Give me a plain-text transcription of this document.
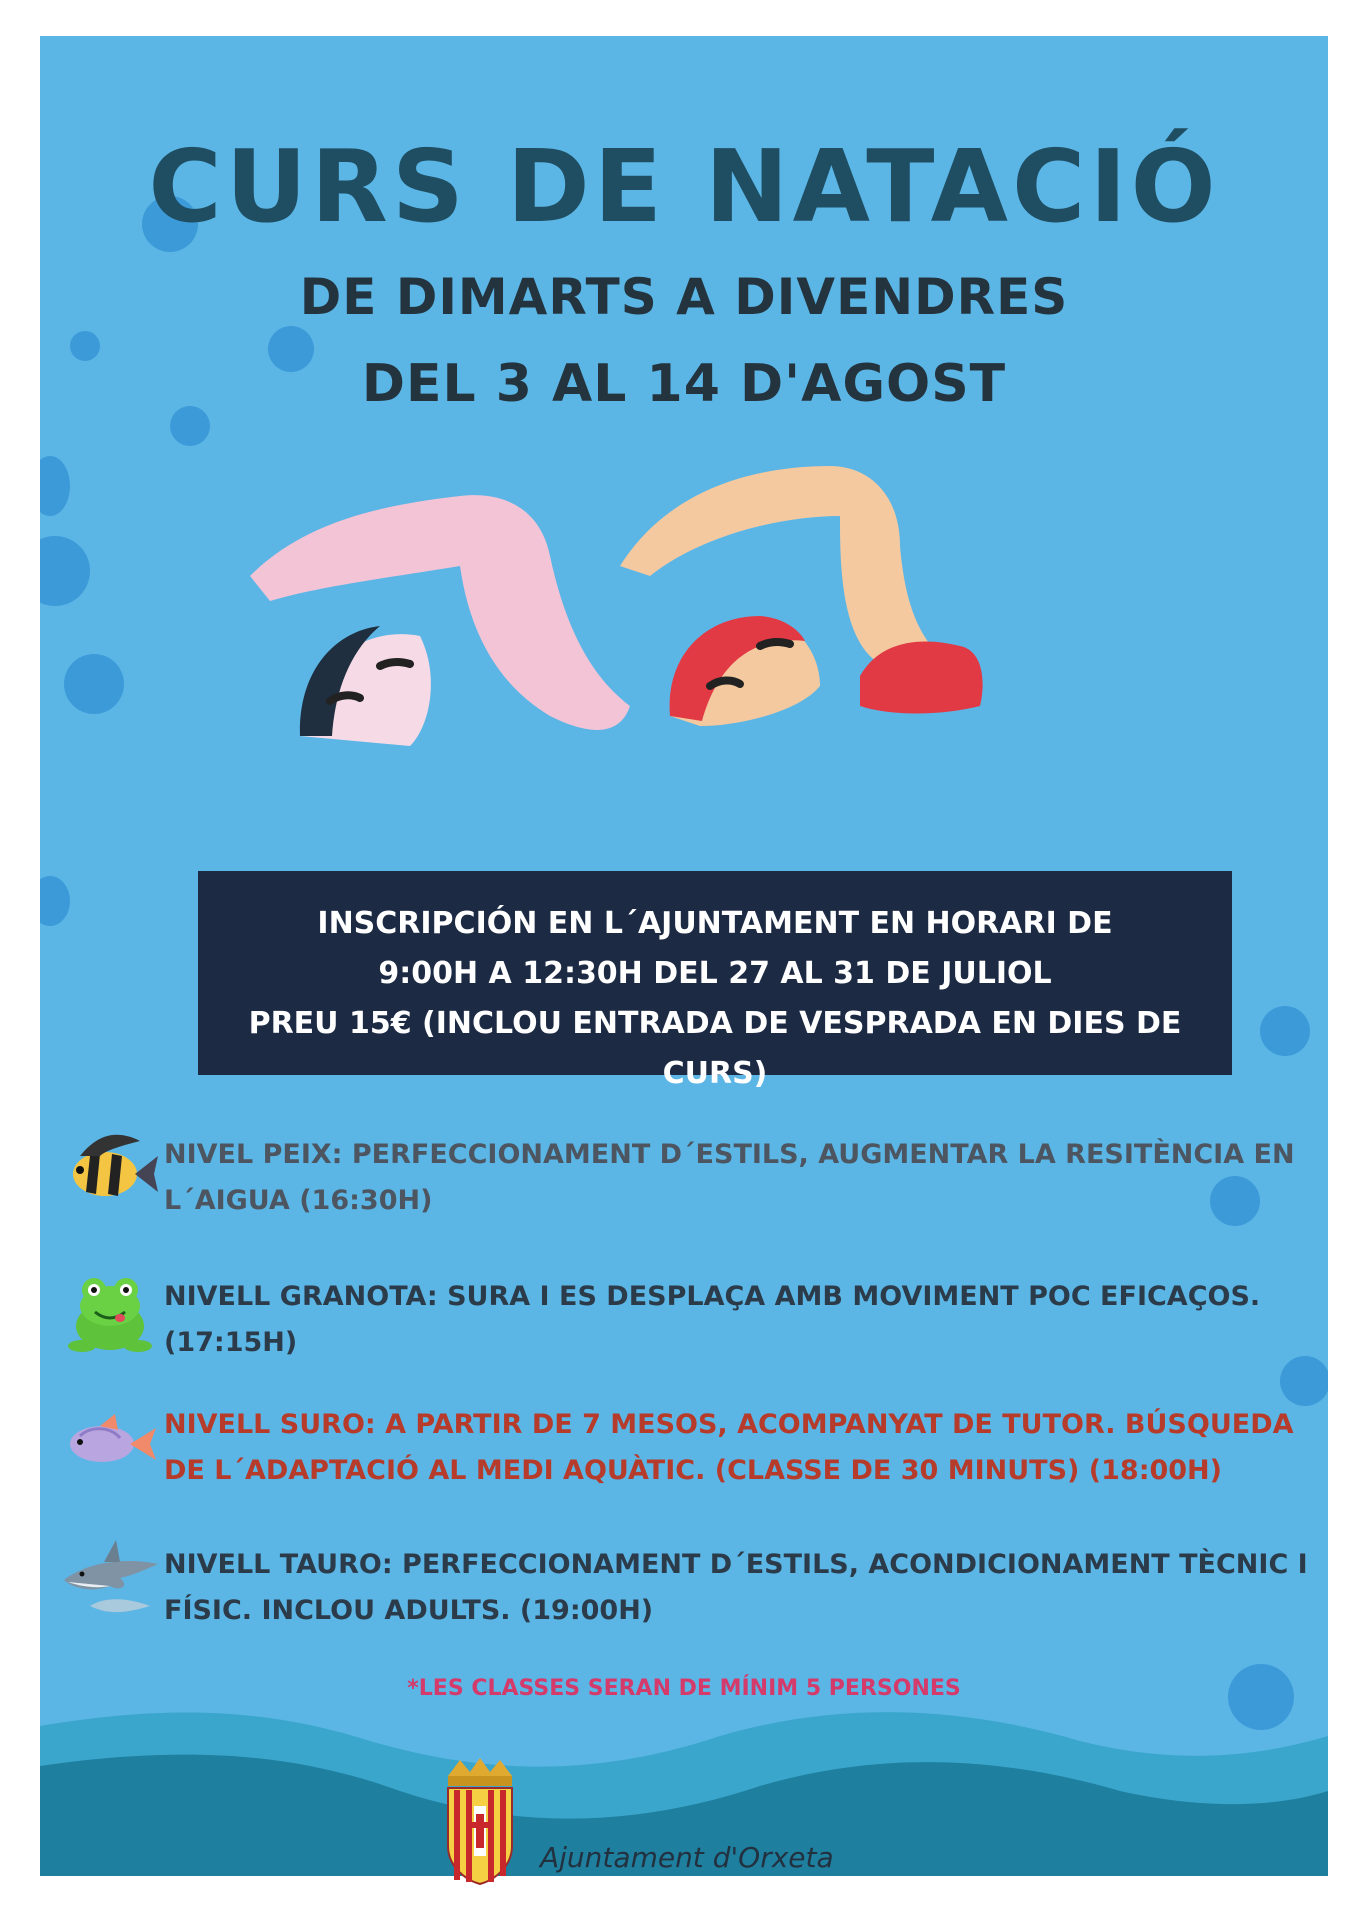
CURS DE NATACIÓ
DE DIMARTS A DIVENDRES
DEL 3 AL 14 D'AGOST

INSCRIPCIÓN EN L´AJUNTAMENT EN HORARI DE

9:00H A 12:30H DEL 27 AL 31 DE JULIOL

PREU 15€ (INCLOU ENTRADA DE VESPRADA EN DIES DE CURS)

NIVEL PEIX: PERFECCIONAMENT D´ESTILS, AUGMENTAR LA RESITÈNCIA EN L´AIGUA (16:30H)

NIVELL GRANOTA: SURA I ES DESPLAÇA AMB MOVIMENT POC EFICAÇOS.(17:15H)

NIVELL SURO: A PARTIR DE 7 MESOS, ACOMPANYAT DE TUTOR. BÚSQUEDA DE L´ADAPTACIÓ AL MEDI AQUÀTIC. (CLASSE DE 30 MINUTS) (18:00H)

NIVELL TAURO: PERFECCIONAMENT D´ESTILS, ACONDICIONAMENT TÈCNIC I FÍSIC. INCLOU ADULTS. (19:00H)

*LES CLASSES SERAN DE MÍNIM 5 PERSONES

Ajuntament d'Orxeta
